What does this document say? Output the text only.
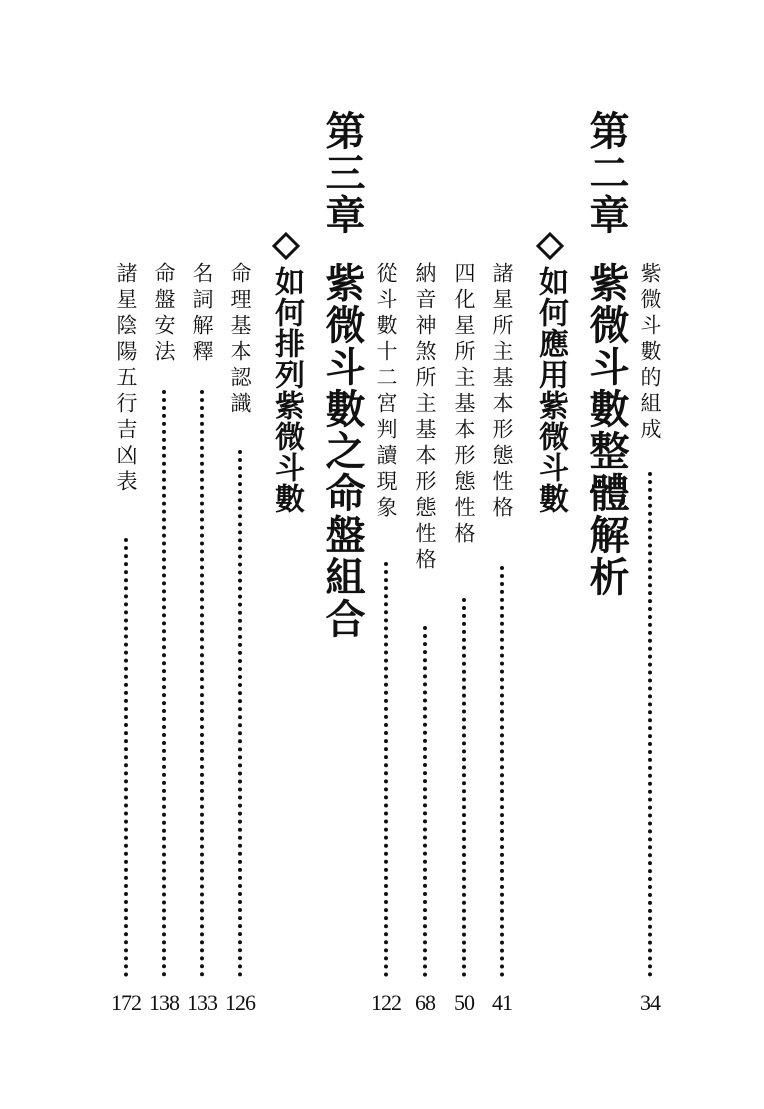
紫微斗數的組成
34
第二章
紫微斗數整體解析
如何應用紫微斗數
諸星所主基本形態性格
41
四化星所主基本形態性格
50
納音神煞所主基本形態性格
68
從斗數十二宮判讀現象
122
第三章
紫微斗數之命盤組合
如何排列紫微斗數
命理基本認識
126
名詞解釋
133
命盤安法
138
諸星陰陽五行吉凶表
172
